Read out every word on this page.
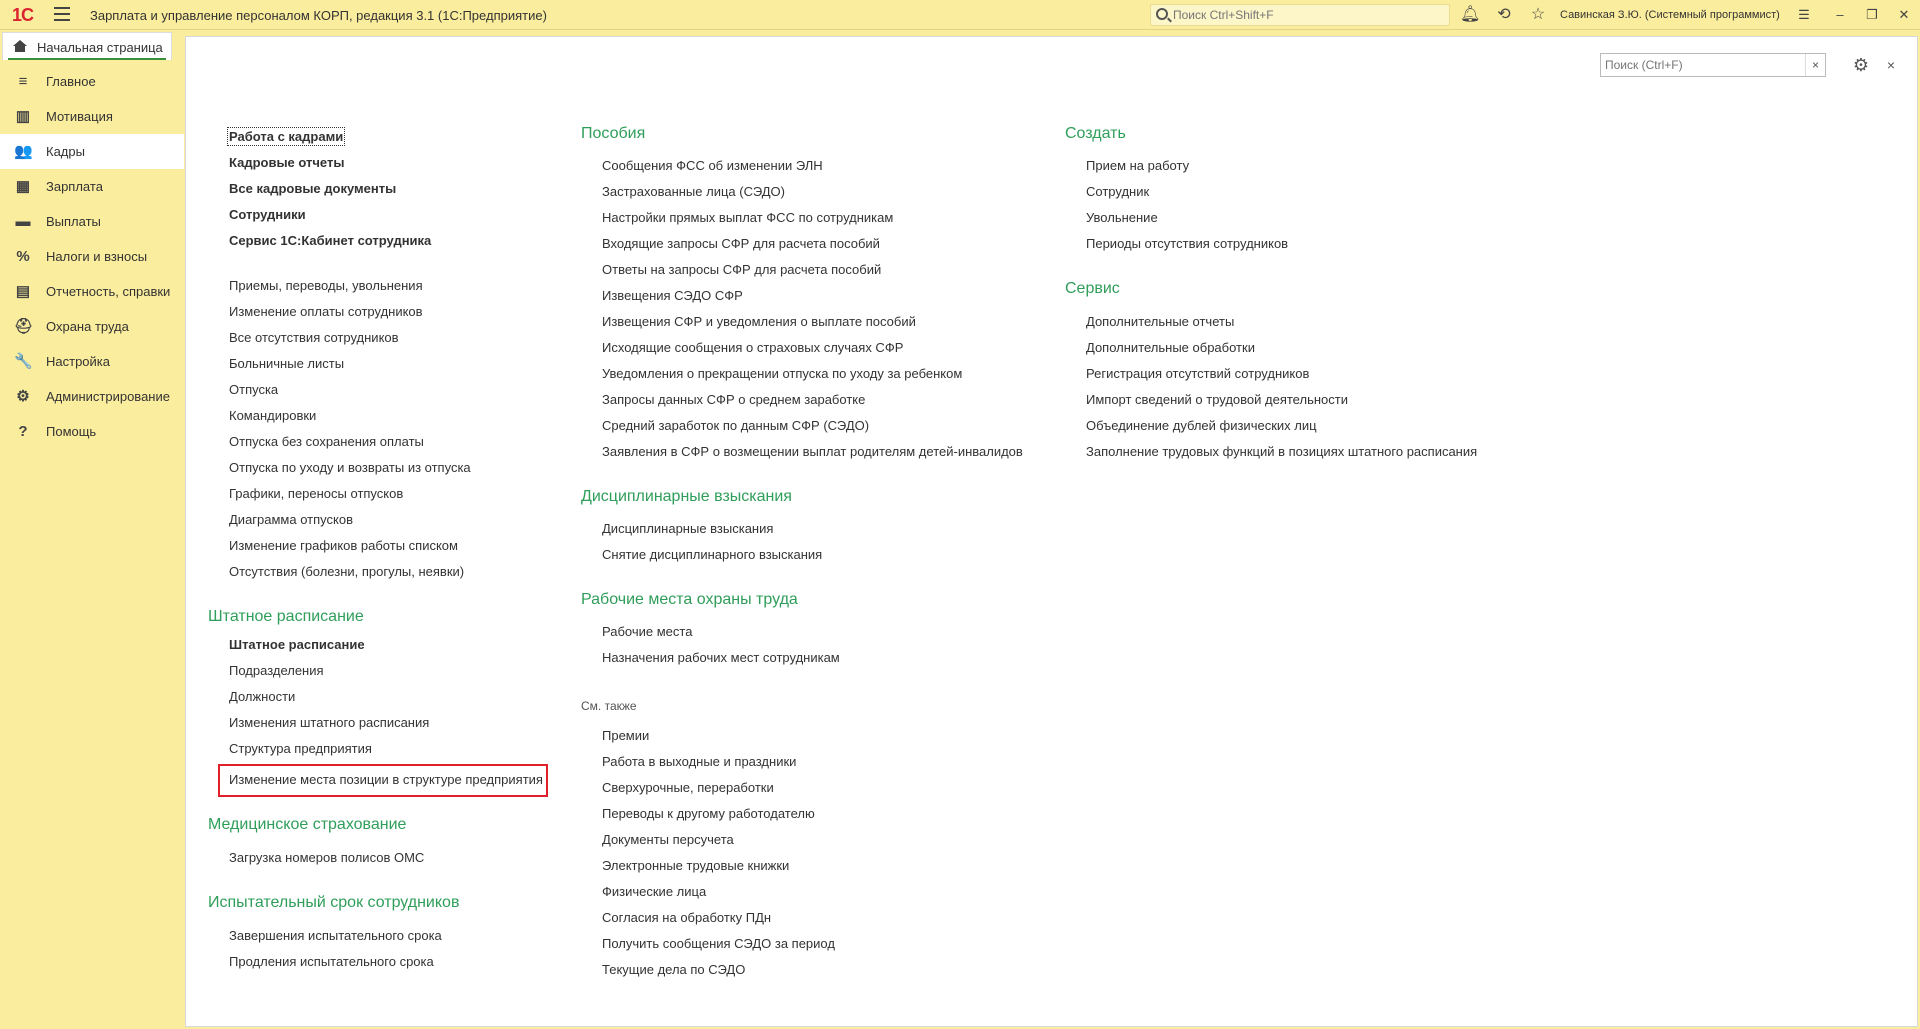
1С	Зарплата и управление персоналом КОРП, редакция 3.1 (1С:Предприятие)
Поиск Ctrl+Shift+F	🔔︎ ⟲ ☆ Савинская З.Ю. (Системный программист)	☰	–	❐	✕
Начальная страница
≡	Главное
▥ Мотивация
👥 Кадры
▦ Зарплата
▬ Выплаты
% Налоги и взносы
▤ Отчетность, справки
⛑ Охрана труда
🔧 Настройка
⚙ Администрирование
?	Помощь
Поиск (Ctrl+F)
×	⚙	×
Работа с кадрами
Кадровые отчеты
Все кадровые документы
Сотрудники
Сервис 1С:Кабинет сотрудника
Приемы, переводы, увольнения
Изменение оплаты сотрудников
Все отсутствия сотрудников
Больничные листы
Отпуска
Командировки
Отпуска без сохранения оплаты
Отпуска по уходу и возвраты из отпуска
Графики, переносы отпусков
Диаграмма отпусков
Изменение графиков работы списком
Отсутствия (болезни, прогулы, неявки)
Штатное расписание
Штатное расписание
Подразделения
Должности
Изменения штатного расписания
Структура предприятия
Изменение места позиции в структуре предприятия
Медицинское страхование
Загрузка номеров полисов ОМС
Испытательный срок сотрудников
Завершения испытательного срока
Продления испытательного срока
Пособия
Сообщения ФСС об изменении ЭЛН
Застрахованные лица (СЭДО)
Настройки прямых выплат ФСС по сотрудникам
Входящие запросы СФР для расчета пособий
Ответы на запросы СФР для расчета пособий
Извещения СЭДО СФР
Извещения СФР и уведомления о выплате пособий
Исходящие сообщения о страховых случаях СФР
Уведомления о прекращении отпуска по уходу за ребенком
Запросы данных СФР о среднем заработке
Средний заработок по данным СФР (СЭДО)
Заявления в СФР о возмещении выплат родителям детей-инвалидов
Дисциплинарные взыскания
Дисциплинарные взыскания
Снятие дисциплинарного взыскания
Рабочие места охраны труда
Рабочие места
Назначения рабочих мест сотрудникам
См. также
Премии
Работа в выходные и праздники
Сверхурочные, переработки
Переводы к другому работодателю
Документы персучета
Электронные трудовые книжки
Физические лица
Согласия на обработку ПДн
Получить сообщения СЭДО за период
Текущие дела по СЭДО
Создать
Прием на работу
Сотрудник
Увольнение
Периоды отсутствия сотрудников
Сервис
Дополнительные отчеты
Дополнительные обработки
Регистрация отсутствий сотрудников
Импорт сведений о трудовой деятельности
Объединение дублей физических лиц
Заполнение трудовых функций в позициях штатного расписания
